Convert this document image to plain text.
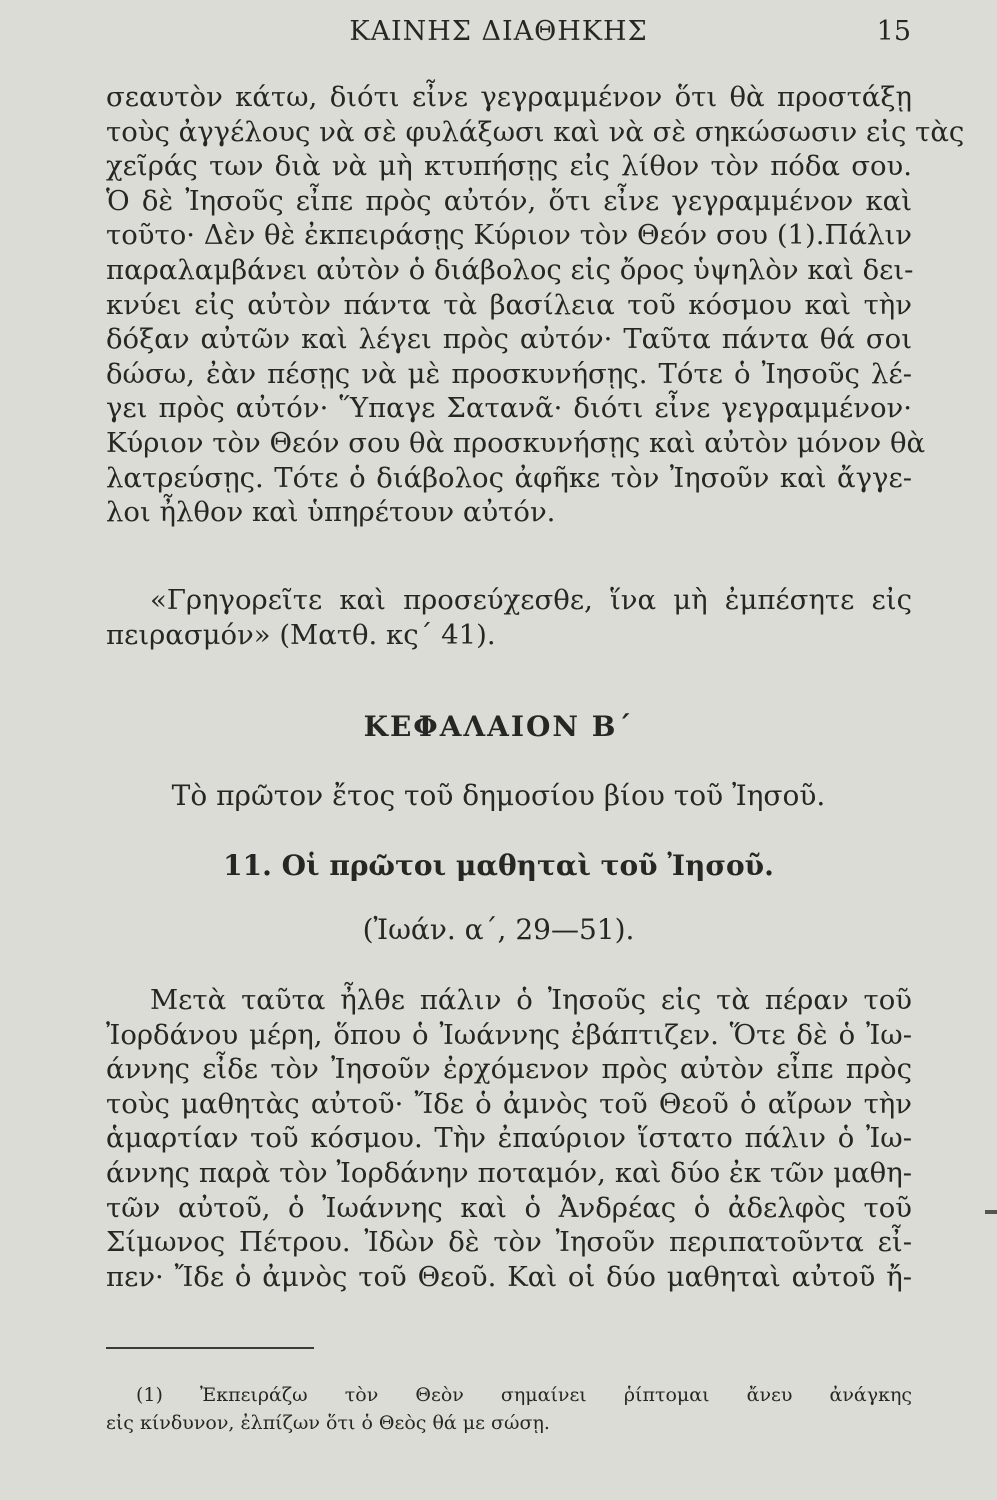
ΚΑΙΝΗΣ ΔΙΑΘΗΚΗΣ	15

σεαυτὸν κάτω, διότι εἶνε γεγραμμένον ὅτι θὰ προστάξῃ
τοὺς ἀγγέλους νὰ σὲ φυλάξωσι καὶ νὰ σὲ σηκώσωσιν εἰς τὰς
χεῖράς των διὰ νὰ μὴ κτυπήσῃς εἰς λίθον τὸν πόδα σου.
Ὁ δὲ Ἰησοῦς εἶπε πρὸς αὐτόν, ὅτι εἶνε γεγραμμένον καὶ
τοῦτο· Δὲν θὲ ἐκπειράσῃς Κύριον τὸν Θεόν σου (1).Πάλιν
παραλαμβάνει αὐτὸν ὁ διάβολος εἰς ὄρος ὑψηλὸν καὶ δει-
κνύει εἰς αὐτὸν πάντα τὰ βασίλεια τοῦ κόσμου καὶ τὴν
δόξαν αὐτῶν καὶ λέγει πρὸς αὐτόν· Ταῦτα πάντα θά σοι
δώσω, ἐὰν πέσῃς νὰ μὲ προσκυνήσῃς. Τότε ὁ Ἰησοῦς λέ-
γει πρὸς αὐτόν· Ὕπαγε Σατανᾶ· διότι εἶνε γεγραμμένον·
Κύριον τὸν Θεόν σου θὰ προσκυνήσῃς καὶ αὐτὸν μόνον θὰ
λατρεύσῃς. Τότε ὁ διάβολος ἀφῆκε τὸν Ἰησοῦν καὶ ἄγγε-
λοι ἦλθον καὶ ὑπηρέτουν αὐτόν.

«Γρηγορεῖτε καὶ προσεύχεσθε, ἵνα μὴ ἐμπέσητε εἰς
πειρασμόν» (Ματθ. κς΄ 41).

ΚΕΦΑΛΑΙΟΝ Β΄
Τὸ πρῶτον ἔτος τοῦ δημοσίου βίου τοῦ Ἰησοῦ.
11. Οἱ πρῶτοι μαθηταὶ τοῦ Ἰησοῦ.
(Ἰωάν. α΄, 29—51).

Μετὰ ταῦτα ἦλθε πάλιν ὁ Ἰησοῦς εἰς τὰ πέραν τοῦ
Ἰορδάνου μέρη, ὅπου ὁ Ἰωάννης ἐβάπτιζεν. Ὅτε δὲ ὁ Ἰω-
άννης εἶδε τὸν Ἰησοῦν ἐρχόμενον πρὸς αὐτὸν εἶπε πρὸς
τοὺς μαθητὰς αὐτοῦ· Ἴδε ὁ ἀμνὸς τοῦ Θεοῦ ὁ αἴρων τὴν
ἁμαρτίαν τοῦ κόσμου. Τὴν ἐπαύριον ἵστατο πάλιν ὁ Ἰω-
άννης παρὰ τὸν Ἰορδάνην ποταμόν, καὶ δύο ἐκ τῶν μαθη-
τῶν αὐτοῦ, ὁ Ἰωάννης καὶ ὁ Ἀνδρέας ὁ ἀδελφὸς τοῦ
Σίμωνος Πέτρου. Ἰδὼν δὲ τὸν Ἰησοῦν περιπατοῦντα εἶ-
πεν· Ἴδε ὁ ἀμνὸς τοῦ Θεοῦ. Καὶ οἱ δύο μαθηταὶ αὐτοῦ ἤ-

(1) Ἐκπειράζω τὸν Θεὸν σημαίνει ῥίπτομαι ἄνευ ἀνάγκης
εἰς κίνδυνον, ἐλπίζων ὅτι ὁ Θεὸς θά με σώσῃ.
